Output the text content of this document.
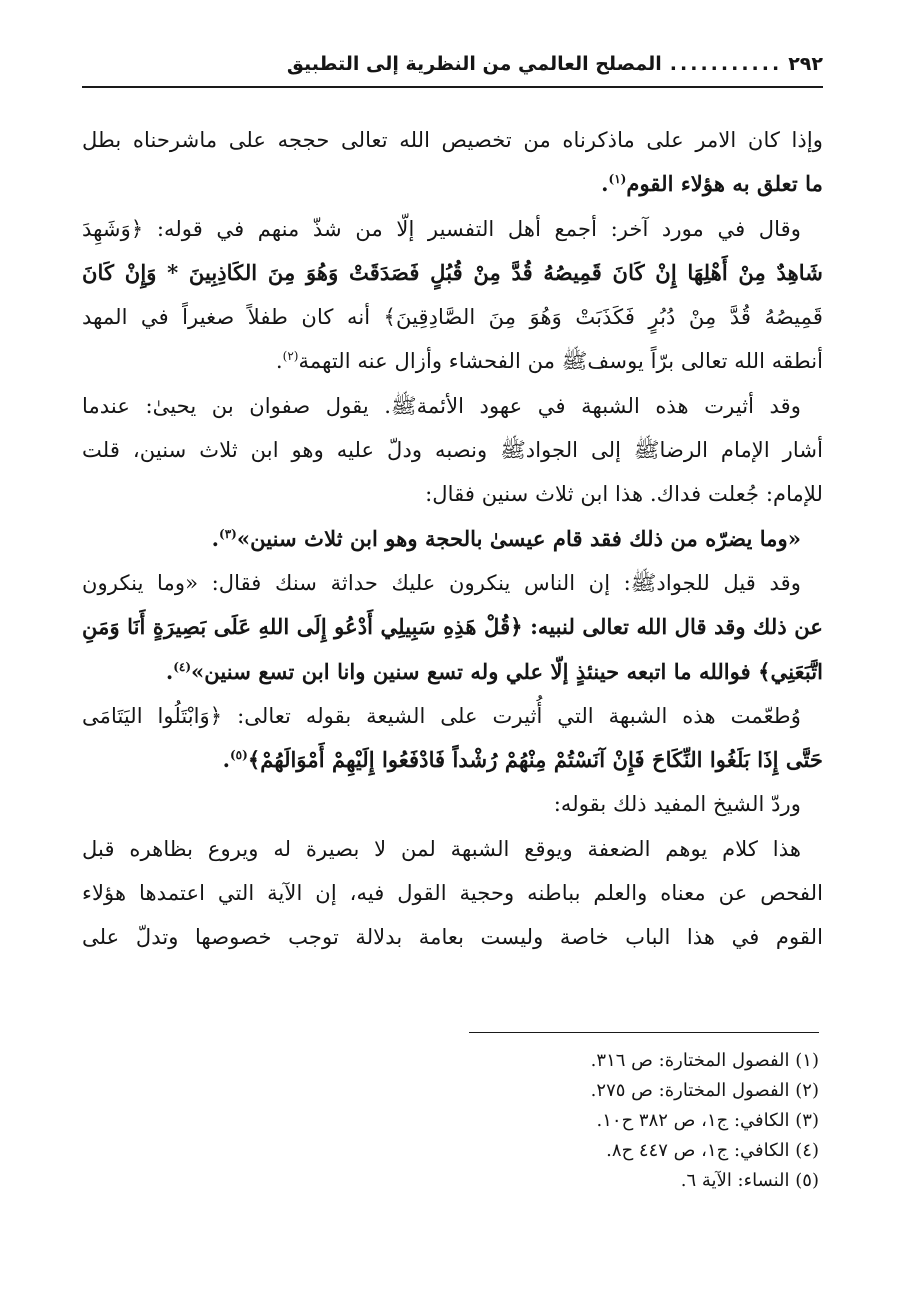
٢٩٢
...........
المصلح العالمي من النظرية إلى التطبيق

وإذا كان الامر على ماذكرناه من تخصيص الله تعالى حججه على ماشرحناه بطل

ما تعلق به هؤلاء القوم$^{(١)}$.

وقال في مورد آخر: أجمع أهل التفسير إلّا من شذّ منهم في قوله: ﴿وَشَهِدَ

شَاهِدٌ مِنْ أَهْلِهَا إِنْ كَانَ قَمِيصُهُ قُدَّ مِنْ قُبُلٍ فَصَدَقَتْ وَهُوَ مِنَ الكَاذِبِينَ * وَإِنْ كَانَ

قَمِيصُهُ قُدَّ مِنْ دُبُرٍ فَكَذَبَتْ وَهُوَ مِنَ الصَّادِقِينَ﴾ أنه كان طفلاً صغيراً في المهد

أنطقه الله تعالى برّاً يوسفﷺ من الفحشاء وأزال عنه التهمة$^{(٢)}$.

وقد أثيرت هذه الشبهة في عهود الأئمةﷺ. يقول صفوان بن يحيىٰ: عندما

أشار الإمام الرضاﷺ إلى الجوادﷺ ونصبه ودلّ عليه وهو ابن ثلاث سنين، قلت

للإمام: جُعلت فداك. هذا ابن ثلاث سنين فقال:

«وما يضرّه من ذلك فقد قام عيسىٰ بالحجة وهو ابن ثلاث سنين»$^{(٣)}$.

وقد قيل للجوادﷺ: إن الناس ينكرون عليك حداثة سنك فقال: «وما ينكرون

عن ذلك وقد قال الله تعالى لنبيه: ﴿قُلْ هَذِهِ سَبِيلِي أَدْعُو إِلَى اللهِ عَلَى بَصِيرَةٍ أَنَا وَمَنِ

اتَّبَعَنِي﴾ فوالله ما اتبعه حينئذٍ إلّا علي وله تسع سنين وانا ابن تسع سنين»$^{(٤)}$.

وُطعّمت هذه الشبهة التي أُثيرت على الشيعة بقوله تعالى: ﴿وَابْتَلُوا اليَتَامَى

حَتَّى إِذَا بَلَغُوا النِّكَاحَ فَإِنْ آنَسْتُمْ مِنْهُمْ رُشْداً فَادْفَعُوا إِلَيْهِمْ أَمْوَالَهُمْ﴾$^{(٥)}$.

وردّ الشيخ المفيد ذلك بقوله:

هذا كلام يوهم الضعفة ويوقع الشبهة لمن لا بصيرة له ويروع بظاهره قبل

الفحص عن معناه والعلم بباطنه وحجية القول فيه، إن الآية التي اعتمدها هؤلاء

القوم في هذا الباب خاصة وليست بعامة بدلالة توجب خصوصها وتدلّ على

(١) الفصول المختارة: ص ٣١٦.

(٢) الفصول المختارة: ص ٢٧٥.

(٣) الكافي: ج١، ص ٣٨٢ ح١٠.

(٤) الكافي: ج١، ص ٤٤٧ ح٨.

(٥) النساء: الآية ٦.
